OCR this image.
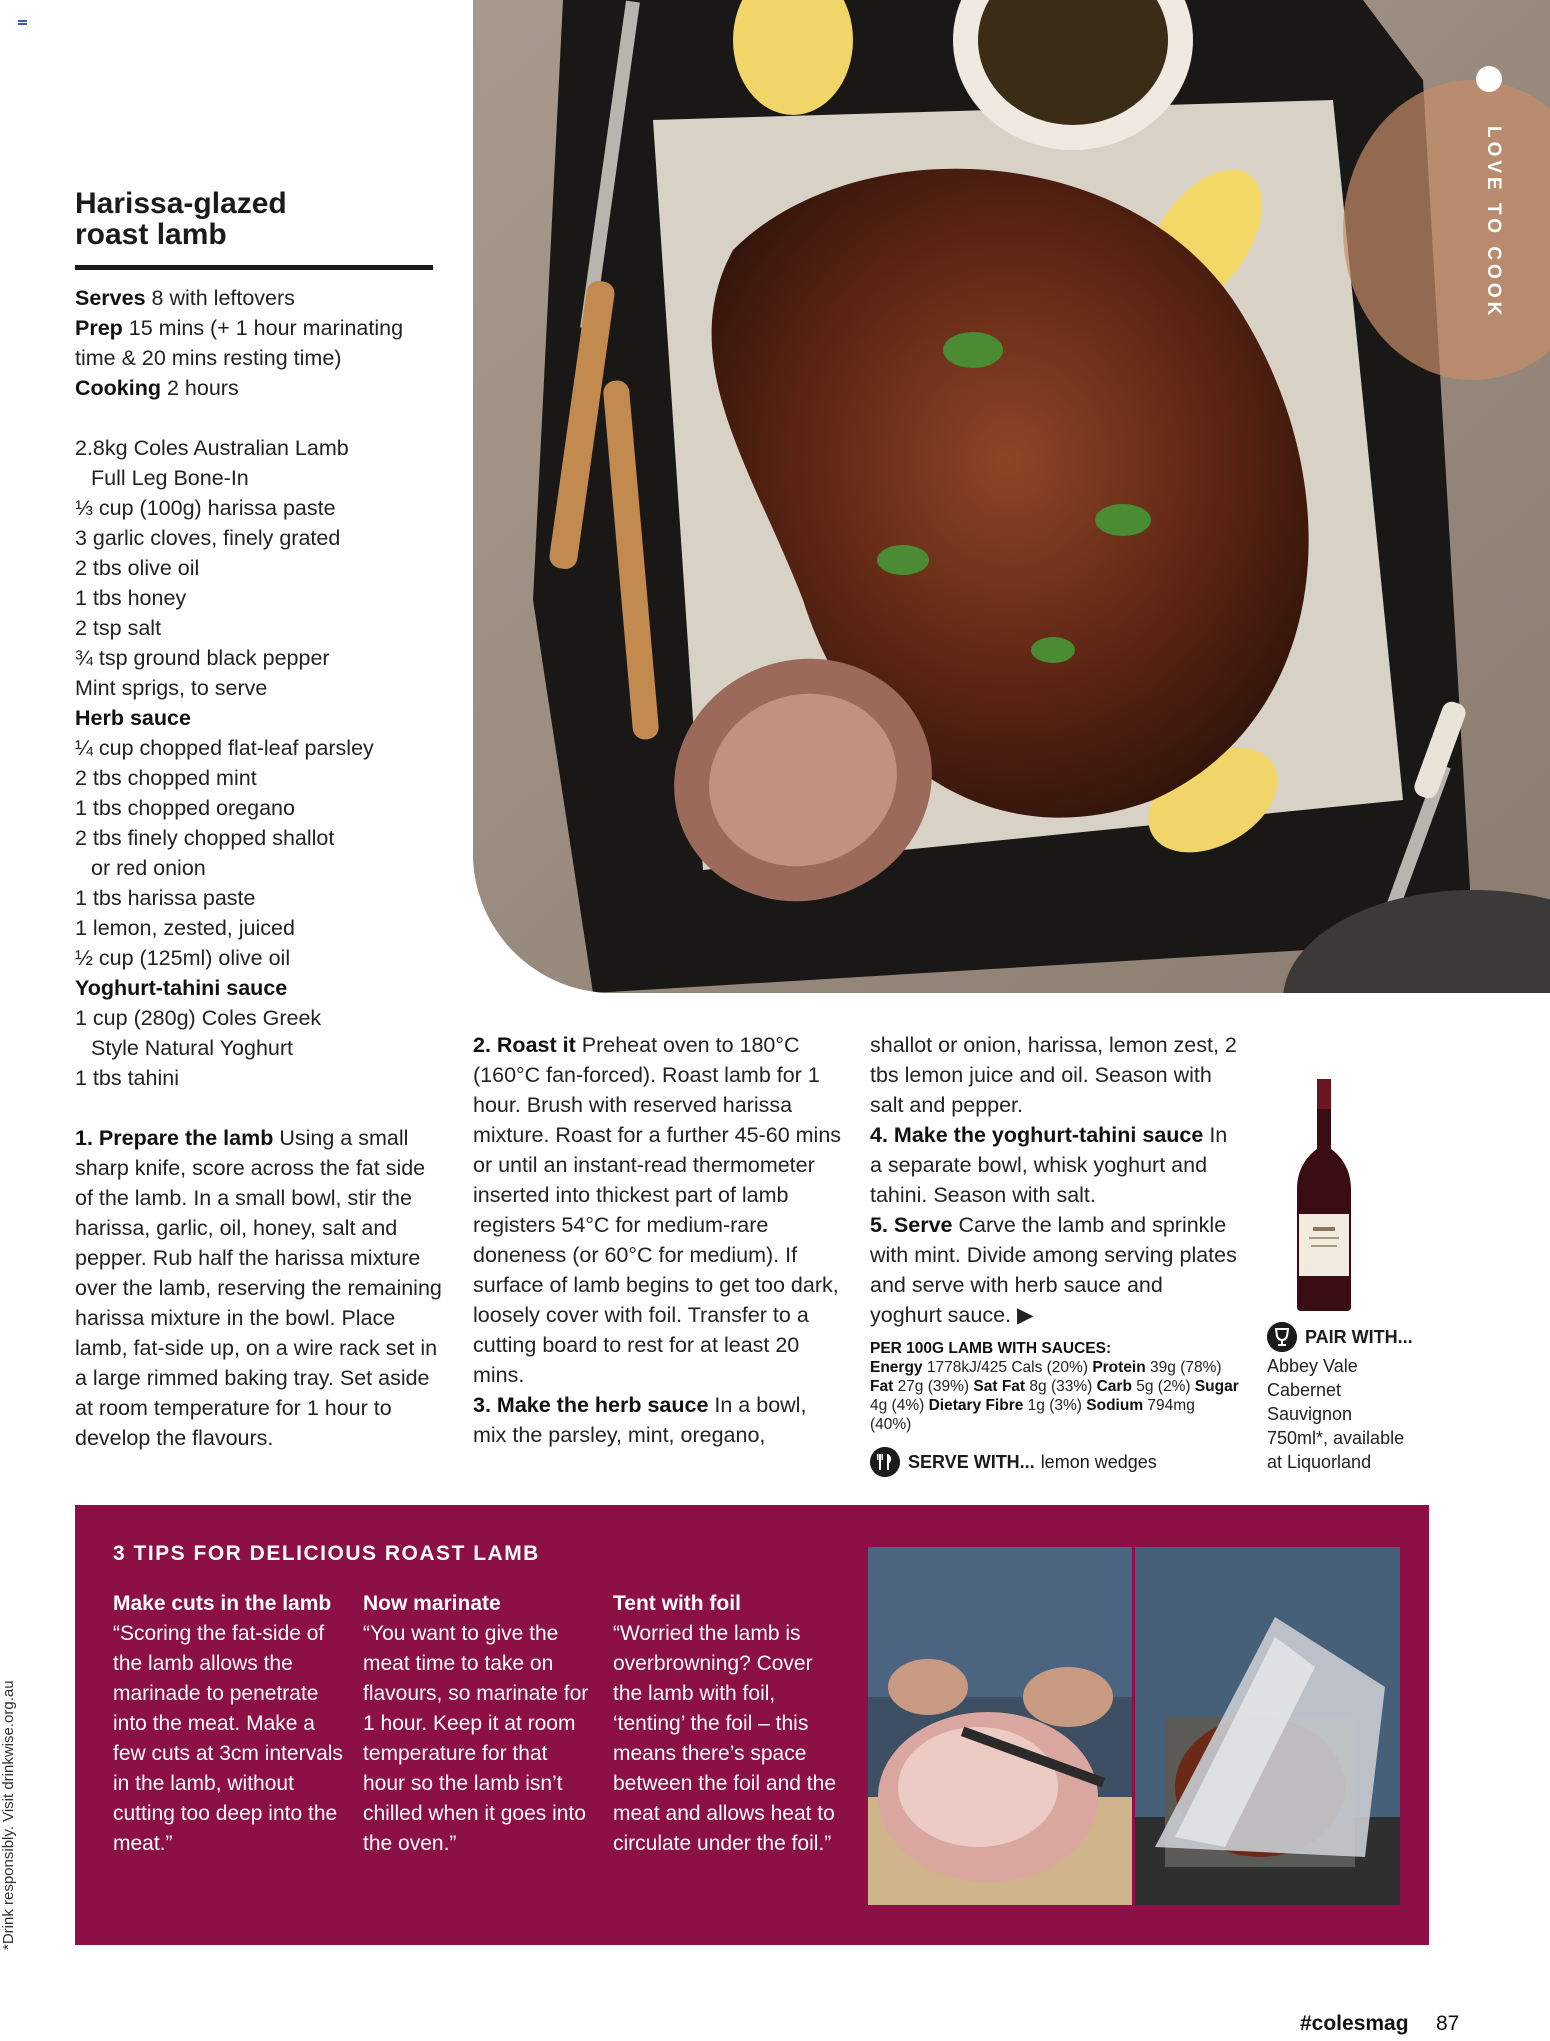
LOVE TO COOK
Harissa-glazed
roast lamb

Serves 8 with leftovers

Prep 15 mins (+ 1 hour marinating time & 20 mins resting time)

Cooking 2 hours

2.8kg Coles Australian Lamb

Full Leg Bone-In

⅓ cup (100g) harissa paste

3 garlic cloves, finely grated

2 tbs olive oil

1 tbs honey

2 tsp salt

¾ tsp ground black pepper

Mint sprigs, to serve

Herb sauce

¼ cup chopped flat-leaf parsley

2 tbs chopped mint

1 tbs chopped oregano

2 tbs finely chopped shallot

or red onion

1 tbs harissa paste

1 lemon, zested, juiced

½ cup (125ml) olive oil

Yoghurt-tahini sauce

1 cup (280g) Coles Greek

Style Natural Yoghurt

1 tbs tahini

1. Prepare the lamb Using a small sharp knife, score across the fat side of the lamb. In a small bowl, stir the harissa, garlic, oil, honey, salt and pepper. Rub half the harissa mixture over the lamb, reserving the remaining harissa mixture in the bowl. Place lamb, fat-side up, on a wire rack set in a large rimmed baking tray. Set aside at room temperature for 1 hour to develop the flavours.

2. Roast it Preheat oven to 180°C (160°C fan-forced). Roast lamb for 1 hour. Brush with reserved harissa mixture. Roast for a further 45-60 mins or until an instant-read thermometer inserted into thickest part of lamb registers 54°C for medium-rare doneness (or 60°C for medium). If surface of lamb begins to get too dark, loosely cover with foil. Transfer to a cutting board to rest for at least 20 mins.

3. Make the herb sauce In a bowl, mix the parsley, mint, oregano,

shallot or onion, harissa, lemon zest, 2 tbs lemon juice and oil. Season with salt and pepper.

4. Make the yoghurt-tahini sauce In a separate bowl, whisk yoghurt and tahini. Season with salt.

5. Serve Carve the lamb and sprinkle with mint. Divide among serving plates and serve with herb sauce and yoghurt sauce. ▶

PER 100G LAMB WITH SAUCES:
Energy 1778kJ/425 Cals (20%) Protein 39g (78%) Fat 27g (39%) Sat Fat 8g (33%) Carb 5g (2%) Sugar 4g (4%) Dietary Fibre 1g (3%) Sodium 794mg (40%)
SERVE WITH... lemon wedges
PAIR WITH...

Abbey Vale

Cabernet

Sauvignon

750ml*, available

at Liquorland

3 TIPS FOR DELICIOUS ROAST LAMB

Make cuts in the lamb “Scoring the fat-side of the lamb allows the marinade to penetrate into the meat. Make a few cuts at 3cm intervals in the lamb, without cutting too deep into the meat.”

Now marinate

“You want to give the meat time to take on flavours, so marinate for 1 hour. Keep it at room temperature for that hour so the lamb isn’t chilled when it goes into the oven.”

Tent with foil

“Worried the lamb is overbrowning? Cover the lamb with foil, ‘tenting’ the foil – this means there’s space between the foil and the meat and allows heat to circulate under the foil.”

*Drink responsibly. Visit drinkwise.org.au
#colesmag	87
